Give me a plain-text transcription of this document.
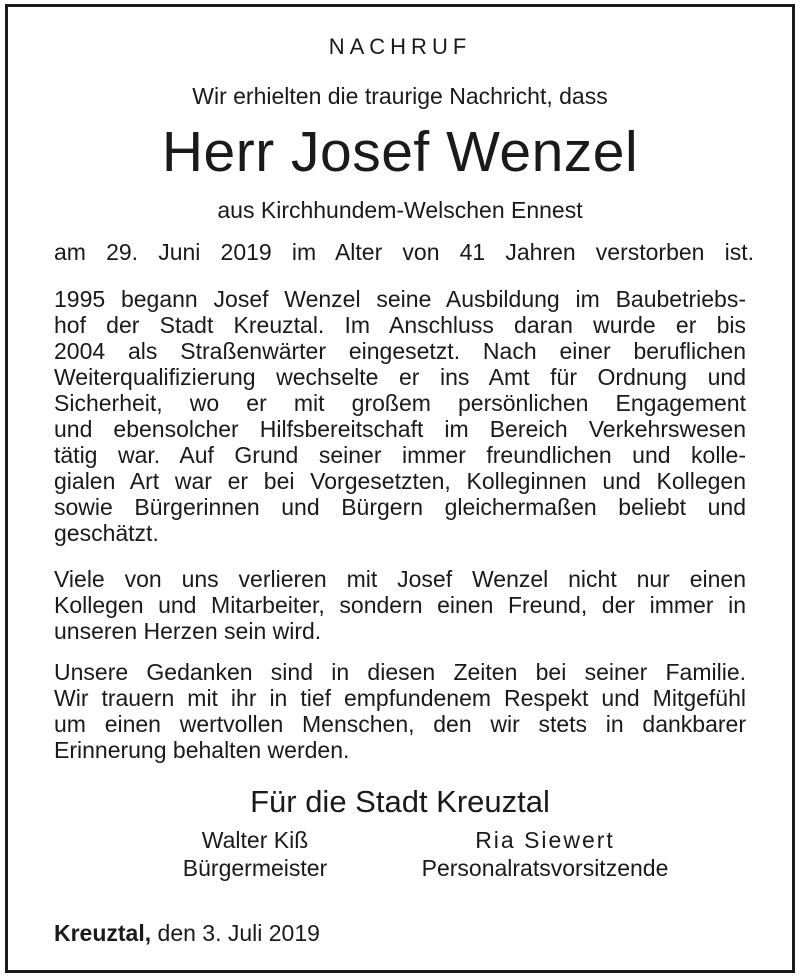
NACHRUF
Wir erhielten die traurige Nachricht, dass
Herr Josef Wenzel
aus Kirchhundem-Welschen Ennest
am 29. Juni 2019 im Alter von 41 Jahren verstorben ist.
1995 begann Josef Wenzel seine Ausbildung im Baubetriebs-
hof der Stadt Kreuztal. Im Anschluss daran wurde er bis
2004 als Straßenwärter eingesetzt. Nach einer beruflichen
Weiterqualifizierung wechselte er ins Amt für Ordnung und
Sicherheit, wo er mit großem persönlichen Engagement
und ebensolcher Hilfsbereitschaft im Bereich Verkehrswesen
tätig war. Auf Grund seiner immer freundlichen und kolle-
gialen Art war er bei Vorgesetzten, Kolleginnen und Kollegen
sowie Bürgerinnen und Bürgern gleichermaßen beliebt und
geschätzt.
Viele von uns verlieren mit Josef Wenzel nicht nur einen
Kollegen und Mitarbeiter, sondern einen Freund, der immer in
unseren Herzen sein wird.
Unsere Gedanken sind in diesen Zeiten bei seiner Familie.
Wir trauern mit ihr in tief empfundenem Respekt und Mitgefühl
um einen wertvollen Menschen, den wir stets in dankbarer
Erinnerung behalten werden.
Für die Stadt Kreuztal
Walter Kiß
Bürgermeister
Ria Siewert
Personalratsvorsitzende
Kreuztal, den 3. Juli 2019
